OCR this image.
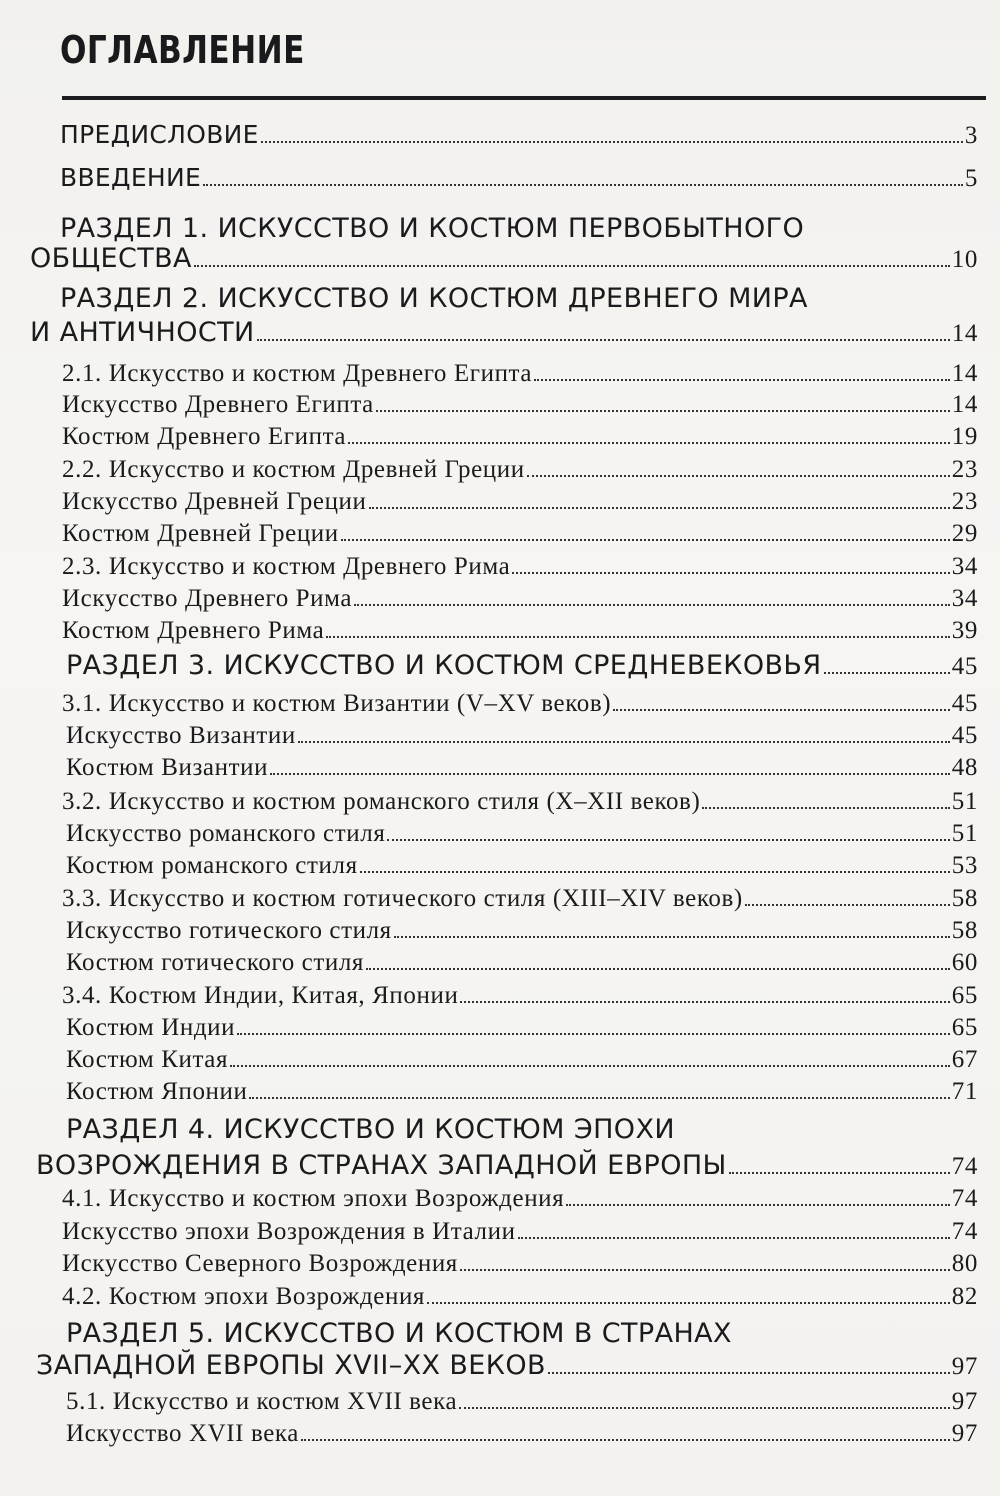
ОГЛАВЛЕНИЕ
ПРЕДИСЛОВИЕ	3
ВВЕДЕНИЕ	5
РАЗДЕЛ 1. ИСКУССТВО И КОСТЮМ ПЕРВОБЫТНОГО
ОБЩЕСТВА	10
РАЗДЕЛ 2. ИСКУССТВО И КОСТЮМ ДРЕВНЕГО МИРА
И АНТИЧНОСТИ	14
2.1. Искусство и костюм Древнего Египта	14
Искусство Древнего Египта	14
Костюм Древнего Египта	19
2.2. Искусство и костюм Древней Греции	23
Искусство Древней Греции	23
Костюм Древней Греции	29
2.3. Искусство и костюм Древнего Рима	34
Искусство Древнего Рима	34
Костюм Древнего Рима	39
РАЗДЕЛ 3. ИСКУССТВО И КОСТЮМ СРЕДНЕВЕКОВЬЯ	45
3.1. Искусство и костюм Византии (V–XV веков)	45
Искусство Византии	45
Костюм Византии	48
3.2. Искусство и костюм романского стиля (X–XII веков)	51
Искусство романского стиля	51
Костюм романского стиля	53
3.3. Искусство и костюм готического стиля (XIII–XIV веков)	58
Искусство готического стиля	58
Костюм готического стиля	60
3.4. Костюм Индии, Китая, Японии	65
Костюм Индии	65
Костюм Китая	67
Костюм Японии	71
РАЗДЕЛ 4. ИСКУССТВО И КОСТЮМ ЭПОХИ
ВОЗРОЖДЕНИЯ В СТРАНАХ ЗАПАДНОЙ ЕВРОПЫ	74
4.1. Искусство и костюм эпохи Возрождения	74
Искусство эпохи Возрождения в Италии	74
Искусство Северного Возрождения	80
4.2. Костюм эпохи Возрождения	82
РАЗДЕЛ 5. ИСКУССТВО И КОСТЮМ В СТРАНАХ
ЗАПАДНОЙ ЕВРОПЫ XVII–XX ВЕКОВ	97
5.1. Искусство и костюм XVII века	97
Искусство XVII века	97
